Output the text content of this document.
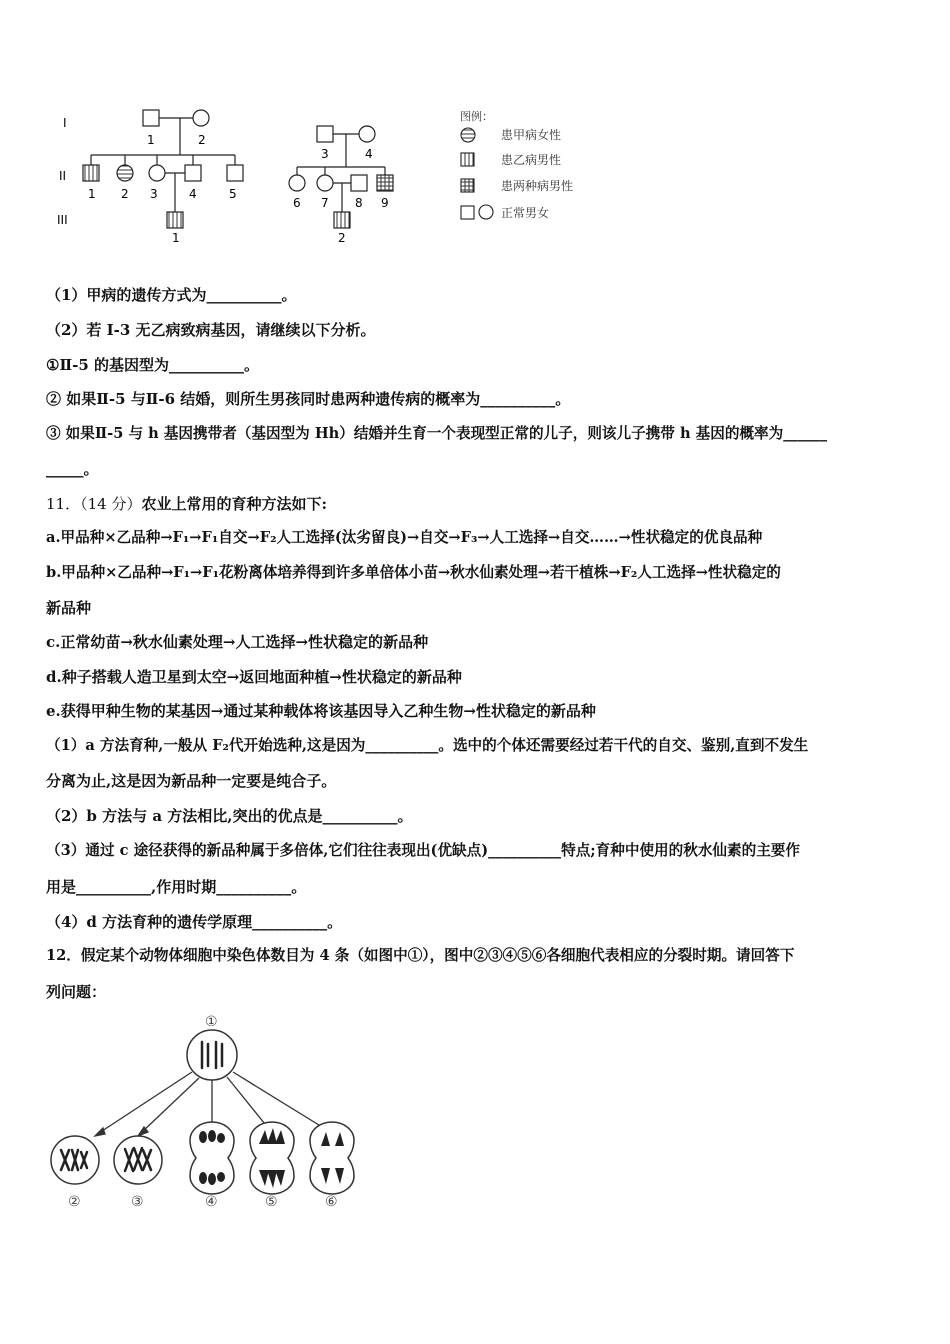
I
II
III
1	2
1 2 3	4	5
1
3	4
6 7 8 9
2
图例：
患甲病女性
患乙病男性
患两种病男性
正常男女
（1）甲病的遗传方式为__________。
（2）若 I-3 无乙病致病基因，请继续以下分析。
①Ⅱ-5 的基因型为__________。
② 如果Ⅱ-5 与Ⅱ-6 结婚，则所生男孩同时患两种遗传病的概率为__________。
③ 如果Ⅱ-5 与 h 基因携带者（基因型为 Hh）结婚并生育一个表现型正常的儿子，则该儿子携带 h 基因的概率为______
_____。
11．（14 分）农业上常用的育种方法如下:
a.甲品种×乙品种→F₁→F₁自交→F₂人工选择(汰劣留良)→自交→F₃→人工选择→自交……→性状稳定的优良品种
b.甲品种×乙品种→F₁→F₁花粉离体培养得到许多单倍体小苗→秋水仙素处理→若干植株→F₂人工选择→性状稳定的
新品种
c.正常幼苗→秋水仙素处理→人工选择→性状稳定的新品种
d.种子搭载人造卫星到太空→返回地面种植→性状稳定的新品种
e.获得甲种生物的某基因→通过某种载体将该基因导入乙种生物→性状稳定的新品种
（1）a 方法育种,一般从 F₂代开始选种,这是因为__________。选中的个体还需要经过若干代的自交、鉴别,直到不发生
分离为止,这是因为新品种一定要是纯合子。
（2）b 方法与 a 方法相比,突出的优点是__________。
（3）通过 c 途径获得的新品种属于多倍体,它们往往表现出(优缺点)__________特点;育种中使用的秋水仙素的主要作
用是__________,作用时期__________。
（4）d 方法育种的遗传学原理__________。
12．假定某个动物体细胞中染色体数目为 4 条（如图中①），图中②③④⑤⑥各细胞代表相应的分裂时期。请回答下
列问题：
①
②	③	④	⑤	⑥
